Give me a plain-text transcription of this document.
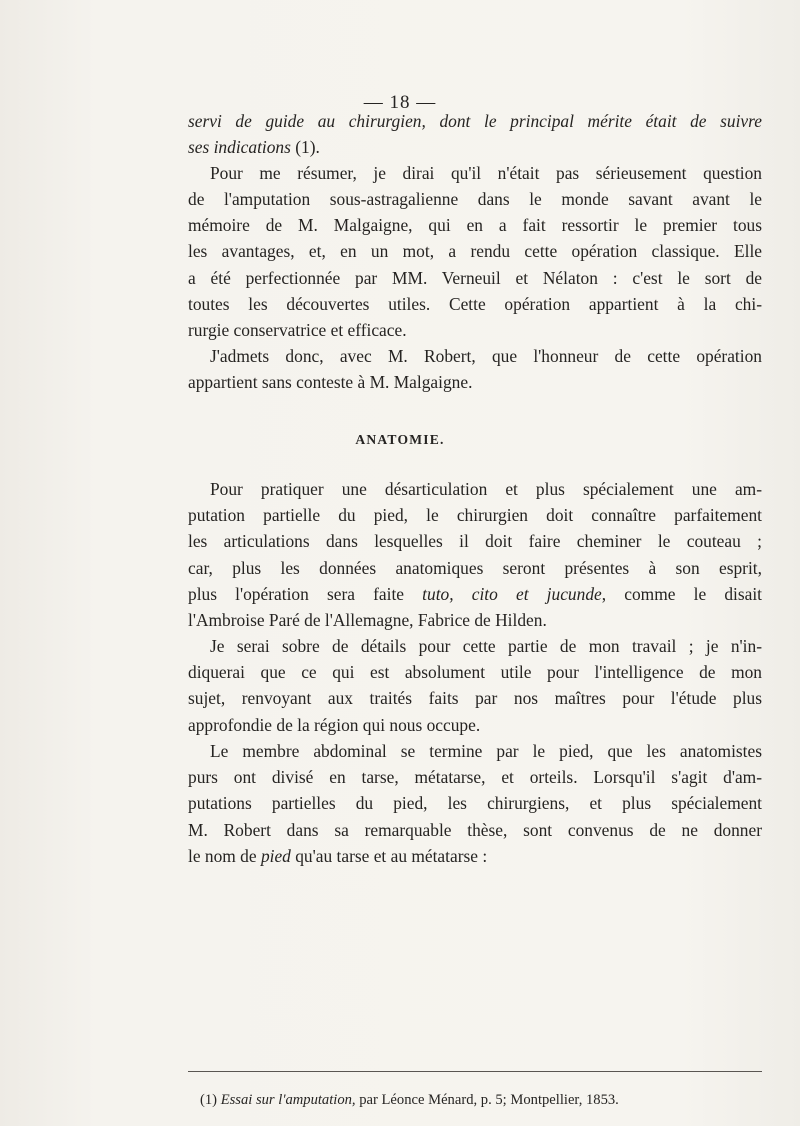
— 18 —
servi de guide au chirurgien, dont le principal mérite était de suivre
ses indications (1).
Pour me résumer, je dirai qu'il n'était pas sérieusement question
de l'amputation sous-astragalienne dans le monde savant avant le
mémoire de M. Malgaigne, qui en a fait ressortir le premier tous
les avantages, et, en un mot, a rendu cette opération classique. Elle
a été perfectionnée par MM. Verneuil et Nélaton : c'est le sort de
toutes les découvertes utiles. Cette opération appartient à la chi-
rurgie conservatrice et efficace.
J'admets donc, avec M. Robert, que l'honneur de cette opération
appartient sans conteste à M. Malgaigne.
ANATOMIE.
Pour pratiquer une désarticulation et plus spécialement une am-
putation partielle du pied, le chirurgien doit connaître parfaitement
les articulations dans lesquelles il doit faire cheminer le couteau ;
car, plus les données anatomiques seront présentes à son esprit,
plus l'opération sera faite tuto, cito et jucunde, comme le disait
l'Ambroise Paré de l'Allemagne, Fabrice de Hilden.
Je serai sobre de détails pour cette partie de mon travail ; je n'in-
diquerai que ce qui est absolument utile pour l'intelligence de mon
sujet, renvoyant aux traités faits par nos maîtres pour l'étude plus
approfondie de la région qui nous occupe.
Le membre abdominal se termine par le pied, que les anatomistes
purs ont divisé en tarse, métatarse, et orteils. Lorsqu'il s'agit d'am-
putations partielles du pied, les chirurgiens, et plus spécialement
M. Robert dans sa remarquable thèse, sont convenus de ne donner
le nom de pied qu'au tarse et au métatarse :
(1) Essai sur l'amputation, par Léonce Ménard, p. 5; Montpellier, 1853.
